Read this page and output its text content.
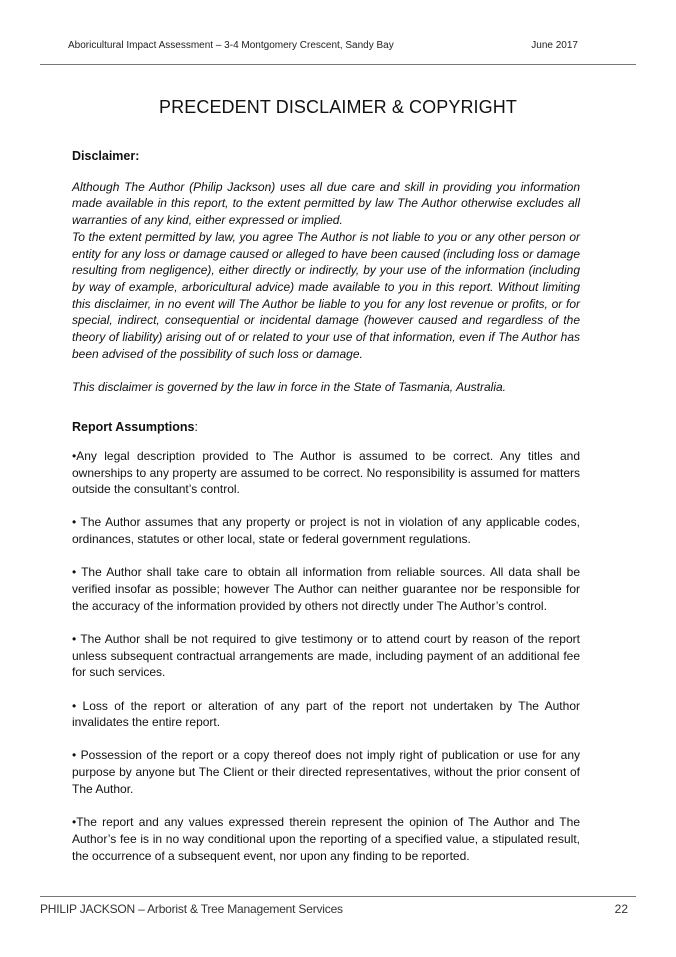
Aboricultural Impact Assessment – 3-4 Montgomery Crescent, Sandy Bay	June 2017
PRECEDENT DISCLAIMER & COPYRIGHT
Disclaimer:

Although The Author (Philip Jackson) uses all due care and skill in providing you information made available in this report, to the extent permitted by law The Author otherwise excludes all warranties of any kind, either expressed or implied.

To the extent permitted by law, you agree The Author is not liable to you or any other person or entity for any loss or damage caused or alleged to have been caused (including loss or damage resulting from negligence), either directly or indirectly, by your use of the information (including by way of example, arboricultural advice) made available to you in this report. Without limiting this disclaimer, in no event will The Author be liable to you for any lost revenue or profits, or for special, indirect, consequential or incidental damage (however caused and regardless of the theory of liability) arising out of or related to your use of that information, even if The Author has been advised of the possibility of such loss or damage.

This disclaimer is governed by the law in force in the State of Tasmania, Australia.

Report Assumptions:

•Any legal description provided to The Author is assumed to be correct. Any titles and ownerships to any property are assumed to be correct. No responsibility is assumed for matters outside the consultant’s control.

• The Author assumes that any property or project is not in violation of any applicable codes, ordinances, statutes or other local, state or federal government regulations.

• The Author shall take care to obtain all information from reliable sources. All data shall be verified insofar as possible; however The Author can neither guarantee nor be responsible for the accuracy of the information provided by others not directly under The Author’s control.

• The Author shall be not required to give testimony or to attend court by reason of the report unless subsequent contractual arrangements are made, including payment of an additional fee for such services.

• Loss of the report or alteration of any part of the report not undertaken by The Author invalidates the entire report.

• Possession of the report or a copy thereof does not imply right of publication or use for any purpose by anyone but The Client or their directed representatives, without the prior consent of The Author.

•The report and any values expressed therein represent the opinion of The Author and The Author’s fee is in no way conditional upon the reporting of a specified value, a stipulated result, the occurrence of a subsequent event, nor upon any finding to be reported.

PHILIP JACKSON – Arborist & Tree Management Services	22
